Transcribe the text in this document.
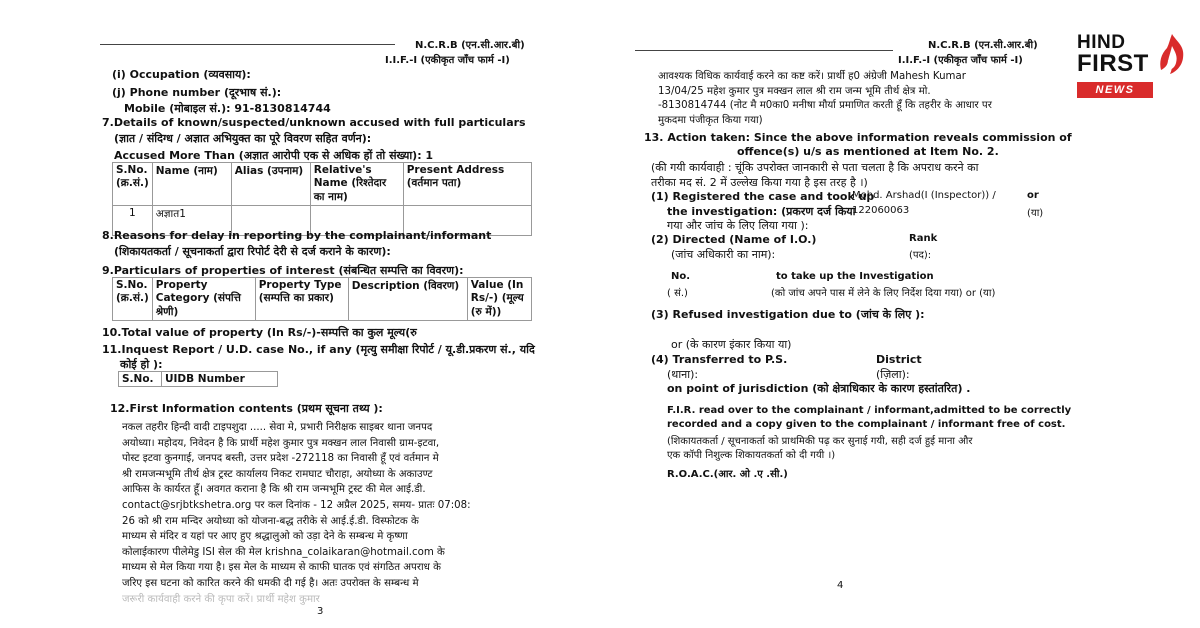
N.C.R.B (एन.सी.आर.बी)
I.I.F.-I (एकीकृत जाँच फार्म -I)
(i) Occupation (व्यवसाय):
(j) Phone number (दूरभाष सं.):
Mobile (मोबाइल सं.): 91-8130814744
7.Details of known/suspected/unknown accused with full particulars
(ज्ञात / संदिग्ध / अज्ञात अभियुक्त का पूरे विवरण सहित वर्णन):
Accused More Than (अज्ञात आरोपी एक से अधिक हों तो संख्या): 1
S.No. (क्र.सं.)	Name (नाम)	Alias (उपनाम)	Relative's Name (रिश्तेदार का नाम)	Present Address (वर्तमान पता)
1	अज्ञात1			
8.Reasons for delay in reporting by the complainant/informant
(शिकायतकर्ता / सूचनाकर्ता द्वारा रिपोर्ट देरी से दर्ज कराने के कारण):
9.Particulars of properties of interest (संबन्धित सम्पत्ति का विवरण):
S.No. (क्र.सं.)	Property Category (संपत्ति श्रेणी)	Property Type (सम्पत्ति का प्रकार)	Description (विवरण)	Value (In Rs/-) (मूल्य (रु में))
10.Total value of property (In Rs/-)-सम्पत्ति का कुल मूल्य(रु
11.Inquest Report / U.D. case No., if any (मृत्यु समीक्षा रिपोर्ट / यू.डी.प्रकरण सं., यदि
कोई हो ):
S.No.	UIDB Number
12.First Information contents (प्रथम सूचना तथ्य ):
नकल तहरीर हिन्दी वादी टाइपशुदा ..... सेवा मे, प्रभारी निरीक्षक साइबर थाना जनपद
अयोध्या। महोदय, निवेदन है कि प्रार्थी महेश कुमार पुत्र मक्खन लाल निवासी ग्राम-इटवा,
पोस्ट इटवा कुनगाई, जनपद बस्ती, उत्तर प्रदेश -272118 का निवासी हूँ एवं वर्तमान मे
श्री रामजन्मभूमि तीर्थ क्षेत्र ट्रस्ट कार्यालय निकट रामघाट चौराहा, अयोध्या के अकाउण्ट
आफिस के कार्यरत हूँ। अवगत कराना है कि श्री राम जन्मभूमि ट्रस्ट की मेल आई.डी.
contact@srjbtkshetra.org पर कल दिनांक - 12 अप्रैल 2025, समय- प्रातः 07:08:
26 को श्री राम मन्दिर अयोध्या को योजना-बद्ध तरीके से आई.ई.डी. विस्फोटक के
माध्यम से मंदिर व यहां पर आए हुए श्रद्धालुओ को उड़ा देने के सम्बन्ध मे कृष्णा
कोलाईकारण पीलेमेडु ISI सेल की मेल krishna_colaikaran@hotmail.com के
माध्यम से मेल किया गया है। इस मेल के माध्यम से काफी घातक एवं संगठित अपराध के
जरिए इस घटना को कारित करने की धमकी दी गई है। अतः उपरोक्त के सम्बन्ध मे
जरूरी कार्यवाही करने की कृपा करें। प्रार्थी महेश कुमार
3
N.C.R.B (एन.सी.आर.बी)
I.I.F.-I (एकीकृत जाँच फार्म -I)
आवश्यक विधिक कार्यवाई करने का कष्ट करें। प्रार्थी ह0 अंग्रेजी Mahesh Kumar
13/04/25 महेश कुमार पुत्र मक्खन लाल श्री राम जन्म भूमि तीर्थ क्षेत्र मो.
-8130814744 (नोट मै म0का0 मनीषा मौर्या प्रमाणित करती हूँ कि तहरीर के आधार पर
मुकदमा पंजीकृत किया गया)
13. Action taken: Since the above information reveals commission of
offence(s) u/s as mentioned at Item No. 2.
(की गयी कार्यवाही : चूंकि उपरोक्त जानकारी से पता चलता है कि अपराध करने का
तरीका मद सं. 2 में उल्लेख किया गया है इस तरह है ।)
(1) Registered the case and took up
the investigation: (प्रकरण दर्ज किया
गया और जांच के लिए लिया गया ):
Mohd. Arshad(I (Inspector)) /
122060063
or
(या)
(2) Directed (Name of I.O.)
(जांच अधिकारी का नाम):
Rank
(पद):
No.
( सं.)
to take up the Investigation
(को जांच अपने पास में लेने के लिए निर्देश दिया गया) or (या)
(3) Refused investigation due to (जांच के लिए ):
or (के कारण इंकार किया या)
(4) Transferred to P.S.	District
(थाना):	(ज़िला):
on point of jurisdiction (को क्षेत्राधिकार के कारण हस्तांतरित) .
F.I.R. read over to the complainant / informant,admitted to be correctly
recorded and a copy given to the complainant / informant free of cost.
(शिकायतकर्ता / सूचनाकर्ता को प्राथमिकी पढ़ कर सुनाई गयी, सही दर्ज हुई माना और
एक कॉपी निशुल्क शिकायतकर्ता को दी गयी ।)
R.O.A.C.(आर. ओ .ए .सी.)
4
HIND
FIRST
NEWS
